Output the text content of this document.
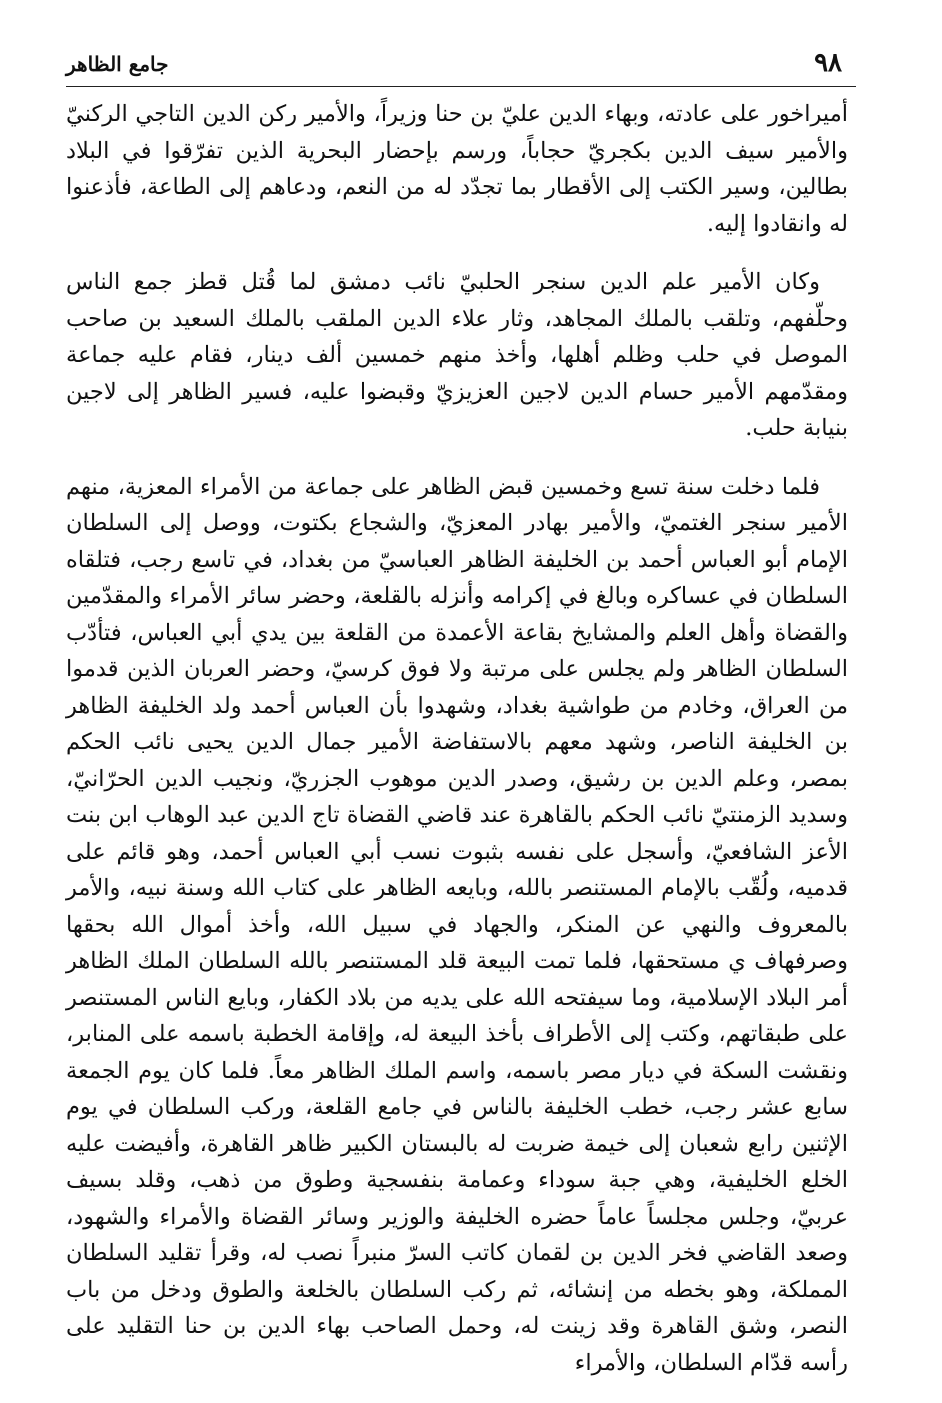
٩٨
جامع الظاهر

أميراخور على عادته، وبهاء الدين عليّ بن حنا وزيراً، والأمير ركن الدين التاجي الركنيّ والأمير سيف الدين بكجريّ حجاباً، ورسم بإحضار البحرية الذين تفرّقوا في البلاد بطالين، وسير الكتب إلى الأقطار بما تجدّد له من النعم، ودعاهم إلى الطاعة، فأذعنوا له وانقادوا إليه.

وكان الأمير علم الدين سنجر الحلبيّ نائب دمشق لما قُتل قطز جمع الناس وحلّفهم، وتلقب بالملك المجاهد، وثار علاء الدين الملقب بالملك السعيد بن صاحب الموصل في حلب وظلم أهلها، وأخذ منهم خمسين ألف دينار، فقام عليه جماعة ومقدّمهم الأمير حسام الدين لاجين العزيزيّ وقبضوا عليه، فسير الظاهر إلى لاجين بنيابة حلب.

فلما دخلت سنة تسع وخمسين قبض الظاهر على جماعة من الأمراء المعزية، منهم الأمير سنجر الغتميّ، والأمير بهادر المعزيّ، والشجاع بكتوت، ووصل إلى السلطان الإمام أبو العباس أحمد بن الخليفة الظاهر العباسيّ من بغداد، في تاسع رجب، فتلقاه السلطان في عساكره وبالغ في إكرامه وأنزله بالقلعة، وحضر سائر الأمراء والمقدّمين والقضاة وأهل العلم والمشايخ بقاعة الأعمدة من القلعة بين يدي أبي العباس، فتأدّب السلطان الظاهر ولم يجلس على مرتبة ولا فوق كرسيّ، وحضر العربان الذين قدموا من العراق، وخادم من طواشية بغداد، وشهدوا بأن العباس أحمد ولد الخليفة الظاهر بن الخليفة الناصر، وشهد معهم بالاستفاضة الأمير جمال الدين يحيى نائب الحكم بمصر، وعلم الدين بن رشيق، وصدر الدين موهوب الجزريّ، ونجيب الدين الحرّانيّ، وسديد الزمنتيّ نائب الحكم بالقاهرة عند قاضي القضاة تاج الدين عبد الوهاب ابن بنت الأعز الشافعيّ، وأسجل على نفسه بثبوت نسب أبي العباس أحمد، وهو قائم على قدميه، ولُقّب بالإمام المستنصر بالله، وبايعه الظاهر على كتاب الله وسنة نبيه، والأمر بالمعروف والنهي عن المنكر، والجهاد في سبيل الله، وأخذ أموال الله بحقها وصرفهاف ي مستحقها، فلما تمت البيعة قلد المستنصر بالله السلطان الملك الظاهر أمر البلاد الإسلامية، وما سيفتحه الله على يديه من بلاد الكفار، وبايع الناس المستنصر على طبقاتهم، وكتب إلى الأطراف بأخذ البيعة له، وإقامة الخطبة باسمه على المنابر، ونقشت السكة في ديار مصر باسمه، واسم الملك الظاهر معاً. فلما كان يوم الجمعة سابع عشر رجب، خطب الخليفة بالناس في جامع القلعة، وركب السلطان في يوم الإثنين رابع شعبان إلى خيمة ضربت له بالبستان الكبير ظاهر القاهرة، وأفيضت عليه الخلع الخليفية، وهي جبة سوداء وعمامة بنفسجية وطوق من ذهب، وقلد بسيف عربيّ، وجلس مجلساً عاماً حضره الخليفة والوزير وسائر القضاة والأمراء والشهود، وصعد القاضي فخر الدين بن لقمان كاتب السرّ منبراً نصب له، وقرأ تقليد السلطان المملكة، وهو بخطه من إنشائه، ثم ركب السلطان بالخلعة والطوق ودخل من باب النصر، وشق القاهرة وقد زينت له، وحمل الصاحب بهاء الدين بن حنا التقليد على رأسه قدّام السلطان، والأمراء
